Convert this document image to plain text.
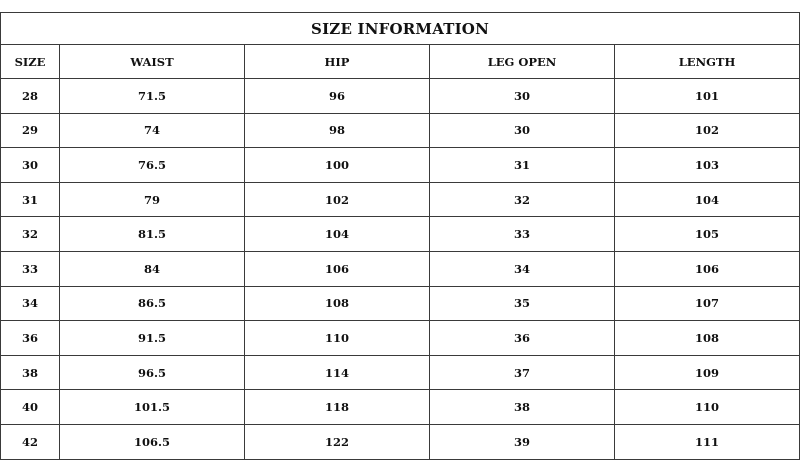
SIZE INFORMATION				
SIZE	WAIST	HIP	LEG OPEN	LENGTH
28	71.5	96	30	101
29	74	98	30	102
30	76.5	100	31	103
31	79	102	32	104
32	81.5	104	33	105
33	84	106	34	106
34	86.5	108	35	107
36	91.5	110	36	108
38	96.5	114	37	109
40	101.5	118	38	110
42	106.5	122	39	111
